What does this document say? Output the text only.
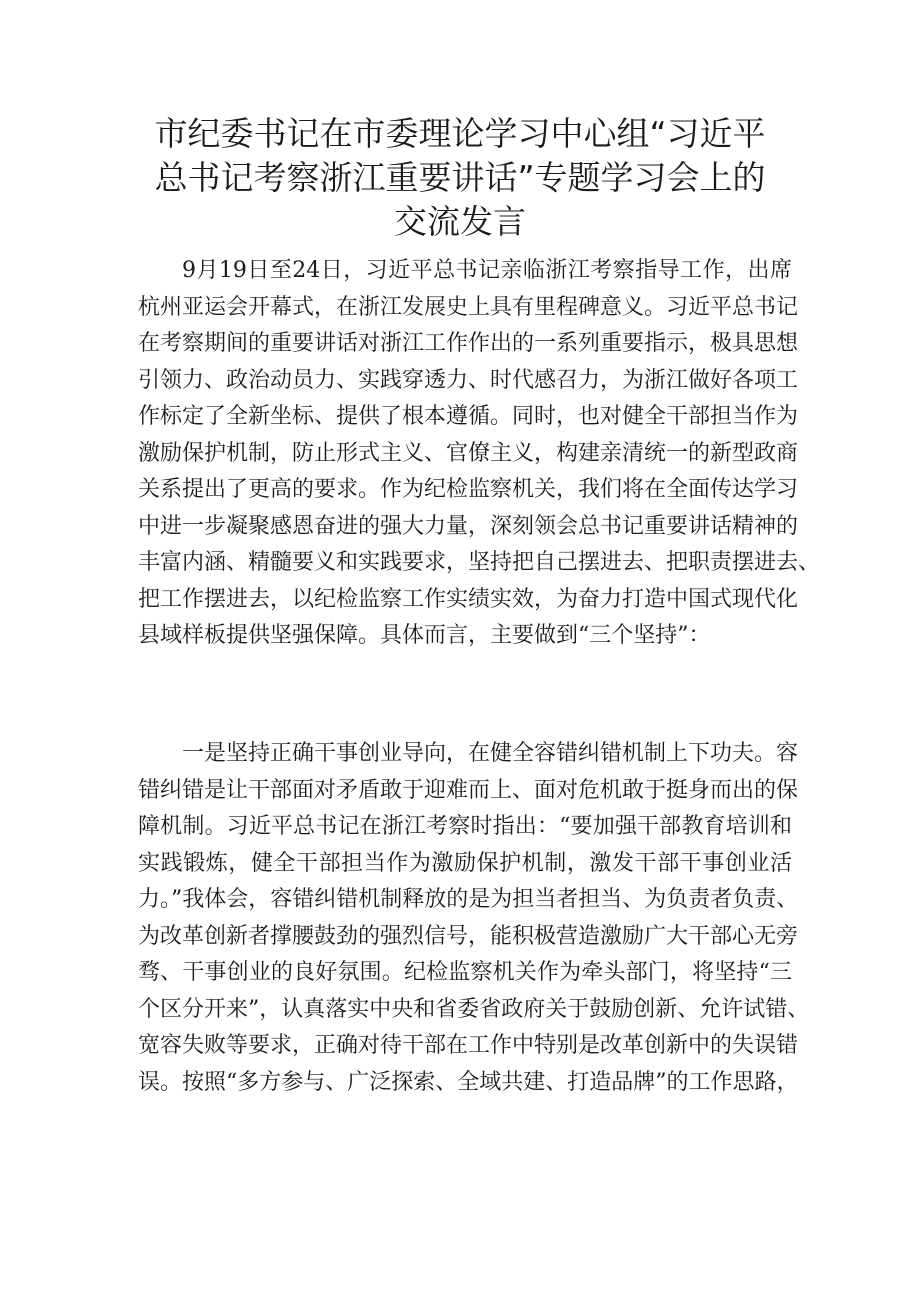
市纪委书记在市委理论学习中心组“习近平
总书记考察浙江重要讲话”专题学习会上的
交流发言
9月19日至24日，习近平总书记亲临浙江考察指导工作，出席
杭州亚运会开幕式，在浙江发展史上具有里程碑意义。习近平总书记
在考察期间的重要讲话对浙江工作作出的一系列重要指示，极具思想
引领力、政治动员力、实践穿透力、时代感召力，为浙江做好各项工
作标定了全新坐标、提供了根本遵循。同时，也对健全干部担当作为
激励保护机制，防止形式主义、官僚主义，构建亲清统一的新型政商
关系提出了更高的要求。作为纪检监察机关，我们将在全面传达学习
中进一步凝聚感恩奋进的强大力量，深刻领会总书记重要讲话精神的
丰富内涵、精髓要义和实践要求，坚持把自己摆进去、把职责摆进去、
把工作摆进去，以纪检监察工作实绩实效，为奋力打造中国式现代化
县域样板提供坚强保障。具体而言，主要做到“三个坚持”：
一是坚持正确干事创业导向，在健全容错纠错机制上下功夫。容
错纠错是让干部面对矛盾敢于迎难而上、面对危机敢于挺身而出的保
障机制。习近平总书记在浙江考察时指出：“要加强干部教育培训和
实践锻炼，健全干部担当作为激励保护机制，激发干部干事创业活
力。”我体会，容错纠错机制释放的是为担当者担当、为负责者负责、
为改革创新者撑腰鼓劲的强烈信号，能积极营造激励广大干部心无旁
骛、干事创业的良好氛围。纪检监察机关作为牵头部门，将坚持“三
个区分开来”，认真落实中央和省委省政府关于鼓励创新、允许试错、
宽容失败等要求，正确对待干部在工作中特别是改革创新中的失误错
误。按照“多方参与、广泛探索、全域共建、打造品牌”的工作思路，
